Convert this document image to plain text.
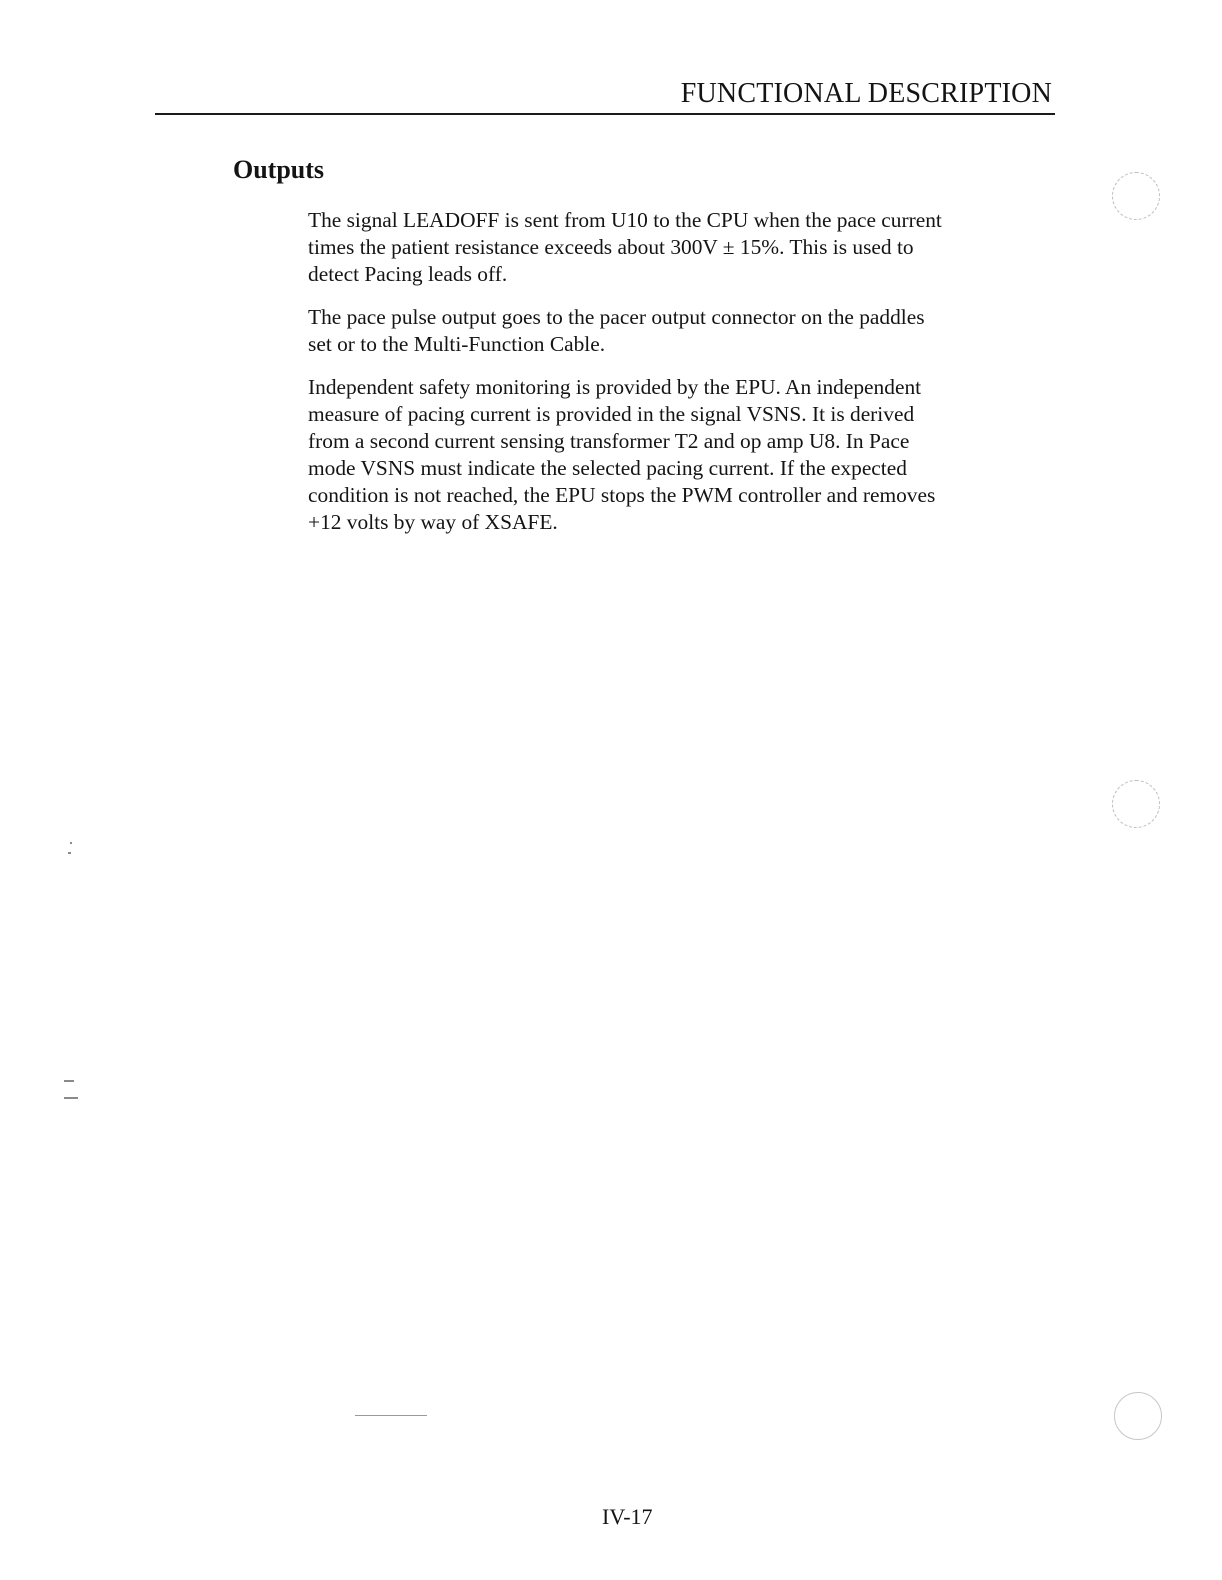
FUNCTIONAL DESCRIPTION
Outputs

The signal LEADOFF is sent from U10 to the CPU when the pace current
times the patient resistance exceeds about 300V ± 15%. This is used to
detect Pacing leads off.

The pace pulse output goes to the pacer output connector on the paddles
set or to the Multi-Function Cable.

Independent safety monitoring is provided by the EPU. An independent
measure of pacing current is provided in the signal VSNS. It is derived
from a second current sensing transformer T2 and op amp U8. In Pace
mode VSNS must indicate the selected pacing current. If the expected
condition is not reached, the EPU stops the PWM controller and removes
+12 volts by way of XSAFE.

IV-17
